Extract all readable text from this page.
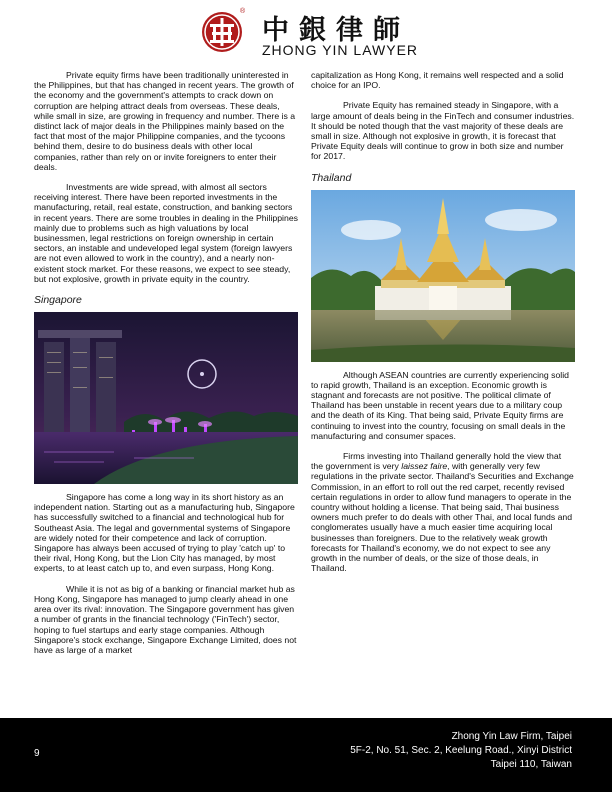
®
中銀律師
ZHONG YIN LAWYER

Private equity firms have been traditionally uninterested in the Philippines, but that has changed in recent years. The growth of the economy and the government's attempts to crack down on corruption are helping attract deals from overseas. These deals, while small in size, are growing in frequency and number. There is a distinct lack of major deals in the Philippines mainly based on the fact that most of the major Philippine companies, and the tycoons behind them, desire to do business deals with other local companies, rather than rely on or invite foreigners to enter their deals.

Investments are wide spread, with almost all sectors receiving interest. There have been reported investments in the manufacturing, retail, real estate, construction, and banking sectors in recent years. There are some troubles in dealing in the Philippines mainly due to problems such as high valuations by local businessmen, legal restrictions on foreign ownership in certain sectors, an instable and undeveloped legal system (foreign lawyers are not even allowed to work in the country), and a nearly non-existent stock market. For these reasons, we expect to see steady, but not explosive, growth in private equity in the country.

Singapore

Singapore has come a long way in its short history as an independent nation. Starting out as a manufacturing hub, Singapore has successfully switched to a financial and technological hub for Southeast Asia. The legal and governmental systems of Singapore are widely noted for their competence and lack of corruption. Singapore has always been accused of trying to play 'catch up' to their rival, Hong Kong, but the Lion City has managed, by most experts, to at least catch up to, and even surpass, Hong Kong.

While it is not as big of a banking or financial market hub as Hong Kong, Singapore has managed to jump clearly ahead in one area over its rival: innovation. The Singapore government has given a number of grants in the financial technology ('FinTech') sector, hoping to fuel startups and early stage companies. Although Singapore's stock exchange, Singapore Exchange Limited, does not have as large of a market

capitalization as Hong Kong, it remains well respected and a solid choice for an IPO.

Private Equity has remained steady in Singapore, with a large amount of deals being in the FinTech and consumer industries. It should be noted though that the vast majority of these deals are small in size. Although not explosive in growth, it is forecast that Private Equity deals will continue to grow in both size and number for 2017.

Thailand

Although ASEAN countries are currently experiencing solid to rapid growth, Thailand is an exception. Economic growth is stagnant and forecasts are not positive. The political climate of Thailand has been unstable in recent years due to a military coup and the death of its King. That being said, Private Equity firms are continuing to invest into the country, focusing on small deals in the manufacturing and consumer spaces.

Firms investing into Thailand generally hold the view that the government is very laissez faire, with generally very few regulations in the private sector. Thailand's Securities and Exchange Commission, in an effort to roll out the red carpet, recently revised certain regulations in order to allow fund managers to operate in the country without holding a license. That being said, Thai business owners much prefer to do deals with other Thai, and local funds and conglomerates usually have a much easier time acquiring local businesses than foreigners. Due to the relatively weak growth forecasts for Thailand's economy, we do not expect to see any growth in the number of deals, or the size of those deals, in Thailand.

9
Zhong Yin Law Firm, Taipei
5F-2, No. 51, Sec. 2, Keelung Road., Xinyi District
Taipei 110, Taiwan
